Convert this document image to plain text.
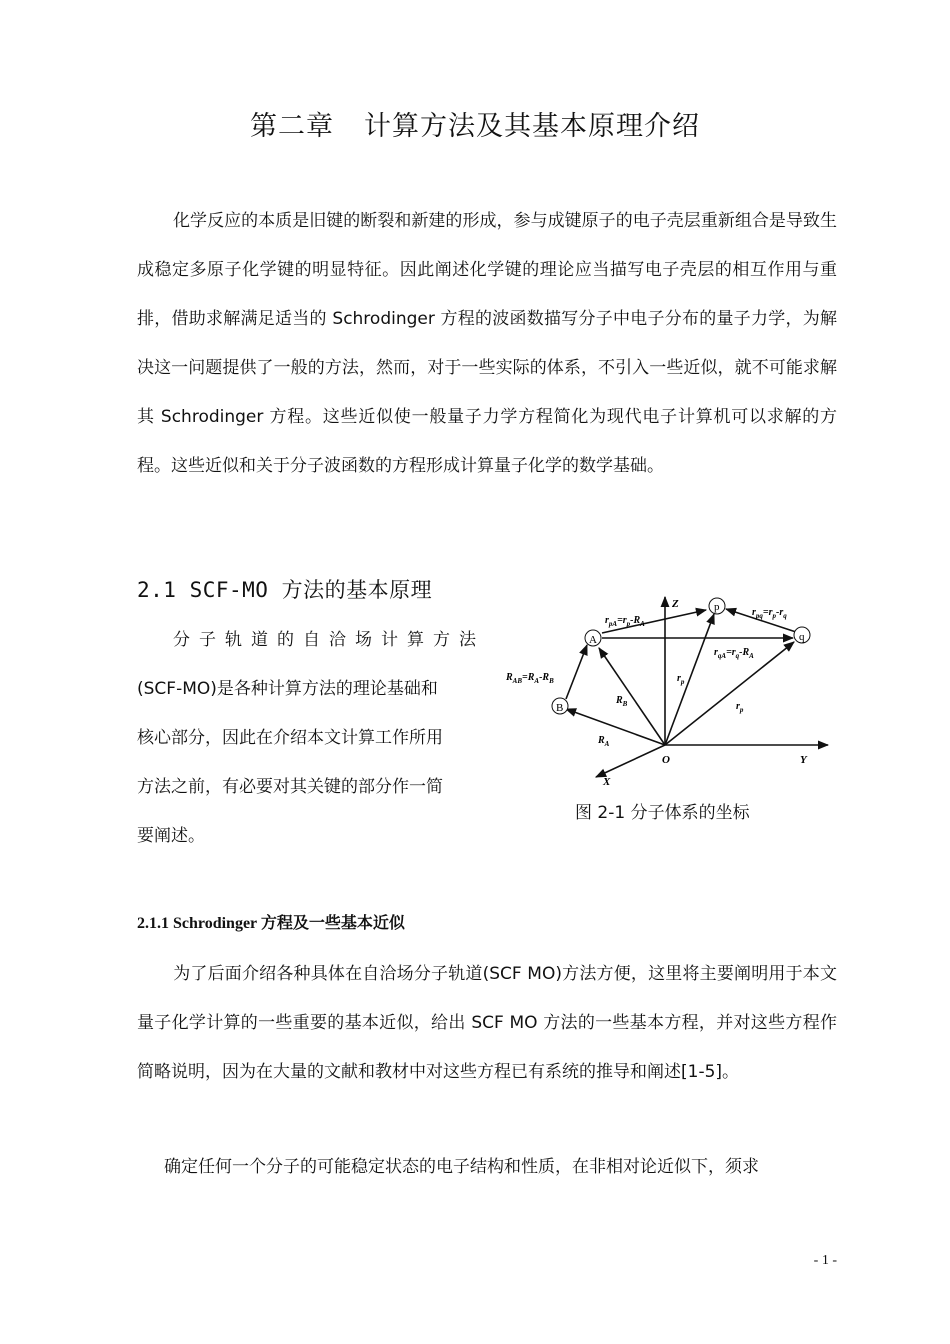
第二章 计算方法及其基本原理介绍

化学反应的本质是旧键的断裂和新建的形成，参与成键原子的电子壳层重新组合是导致生成稳定多原子化学键的明显特征。因此阐述化学键的理论应当描写电子壳层的相互作用与重排，借助求解满足适当的 Schrodinger 方程的波函数描写分子中电子分布的量子力学，为解决这一问题提供了一般的方法，然而，对于一些实际的体系，不引入一些近似，就不可能求解其 Schrodinger 方程。这些近似使一般量子力学方程简化为现代电子计算机可以求解的方程。这些近似和关于分子波函数的方程形成计算量子化学的数学基础。

2.1 SCF-MO 方法的基本原理
分子轨道的自洽场计算方法
(SCF-MO)是各种计算方法的理论基础和
核心部分，因此在介绍本文计算工作所用
方法之前，有必要对其关键的部分作一简
要阐述。
A
B
p
q
Z
O	Y
X
$r_{pA}=r_p-R_A$
$r_{pq}=r_p-r_q$
$r_{qA}=r_q-R_A$
$R_{AB}=R_A-R_B$
$R_B$
$R_A$
$r_p$
$r_p$
图 2-1 分子体系的坐标
2.1.1 Schrodinger 方程及一些基本近似

为了后面介绍各种具体在自洽场分子轨道(SCF MO)方法方便，这里将主要阐明用于本文量子化学计算的一些重要的基本近似，给出 SCF MO 方法的一些基本方程，并对这些方程作简略说明，因为在大量的文献和教材中对这些方程已有系统的推导和阐述[1-5]。

确定任何一个分子的可能稳定状态的电子结构和性质，在非相对论近似下，须求

- 1 -
